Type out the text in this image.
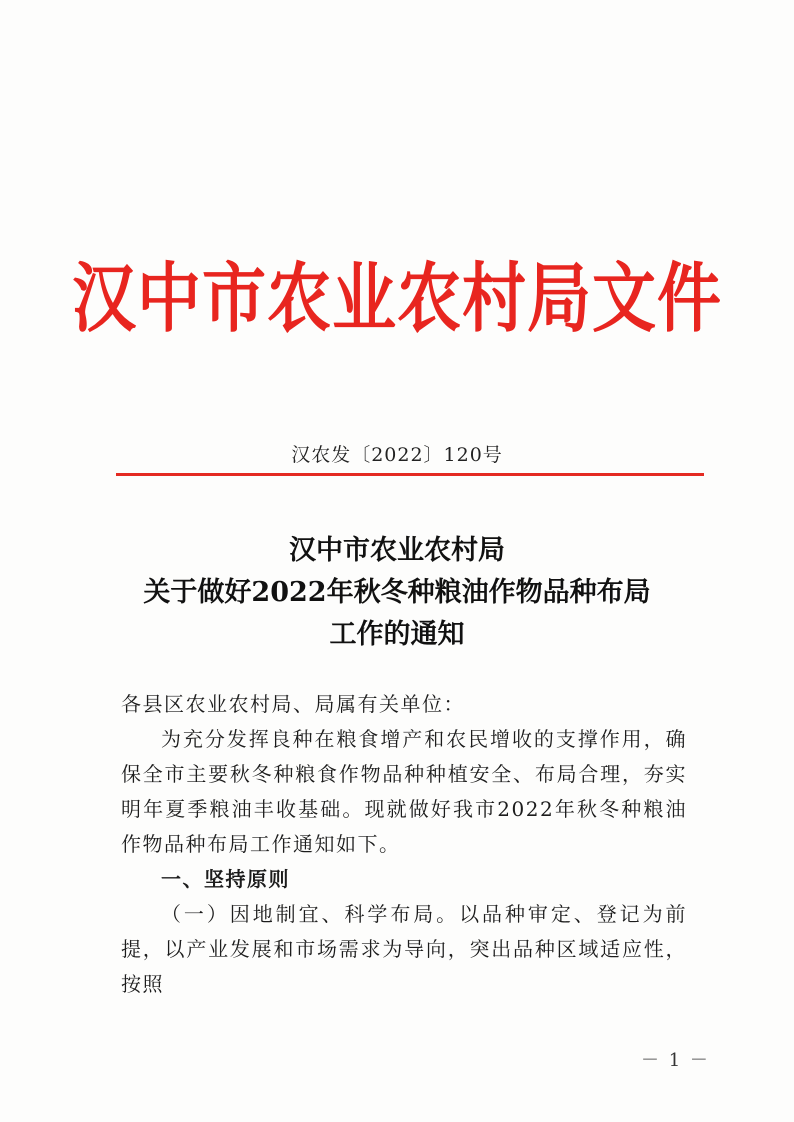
汉中市农业农村局文件
汉农发〔2022〕120号
汉中市农业农村局
关于做好2022年秋冬种粮油作物品种布局
工作的通知

各县区农业农村局、局属有关单位：

为充分发挥良种在粮食增产和农民增收的支撑作用，确保全市主要秋冬种粮食作物品种种植安全、布局合理，夯实明年夏季粮油丰收基础。现就做好我市2022年秋冬种粮油作物品种布局工作通知如下。

一、坚持原则

（一）因地制宜、科学布局。以品种审定、登记为前提，以产业发展和市场需求为导向，突出品种区域适应性，按照

－ 1 －
